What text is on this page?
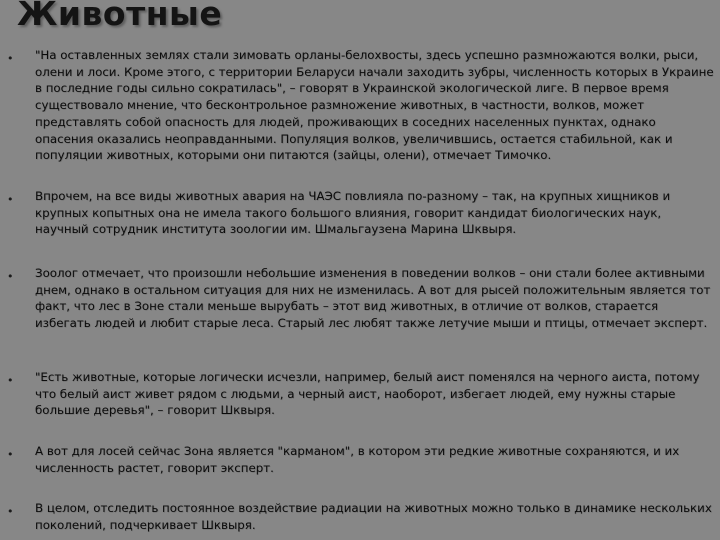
Животные
• "На оставленных землях стали зимовать орланы-белохвосты, здесь успешно размножаются волки, рыси, олени и лоси. Кроме этого, с территории Беларуси начали заходить зубры, численность которых в Украине в последние годы сильно сократилась", – говорят в Украинской экологической лиге. В первое время существовало мнение, что бесконтрольное размножение животных, в частности, волков, может представлять собой опасность для людей, проживающих в соседних населенных пунктах, однако опасения оказались неоправданными. Популяция волков, увеличившись, остается стабильной, как и популяции животных, которыми они питаются (зайцы, олени), отмечает Тимочко.

• Впрочем, на все виды животных авария на ЧАЭС повлияла по-разному – так, на крупных хищников и крупных копытных она не имела такого большого влияния, говорит кандидат биологических наук, научный сотрудник института зоологии им. Шмальгаузена Марина Шквыря.

• Зоолог отмечает, что произошли небольшие изменения в поведении волков – они стали более активными днем, однако в остальном ситуация для них не изменилась. А вот для рысей положительным является тот факт, что лес в Зоне стали меньше вырубать – этот вид животных, в отличие от волков, старается избегать людей и любит старые леса. Старый лес любят также летучие мыши и птицы, отмечает эксперт.

• "Есть животные, которые логически исчезли, например, белый аист поменялся на черного аиста, потому что белый аист живет рядом с людьми, а черный аист, наоборот, избегает людей, ему нужны старые большие деревья", – говорит Шквыря.

• А вот для лосей сейчас Зона является "карманом", в котором эти редкие животные сохраняются, и их численность растет, говорит эксперт.

• В целом, отследить постоянное воздействие радиации на животных можно только в динамике нескольких поколений, подчеркивает Шквыря.
